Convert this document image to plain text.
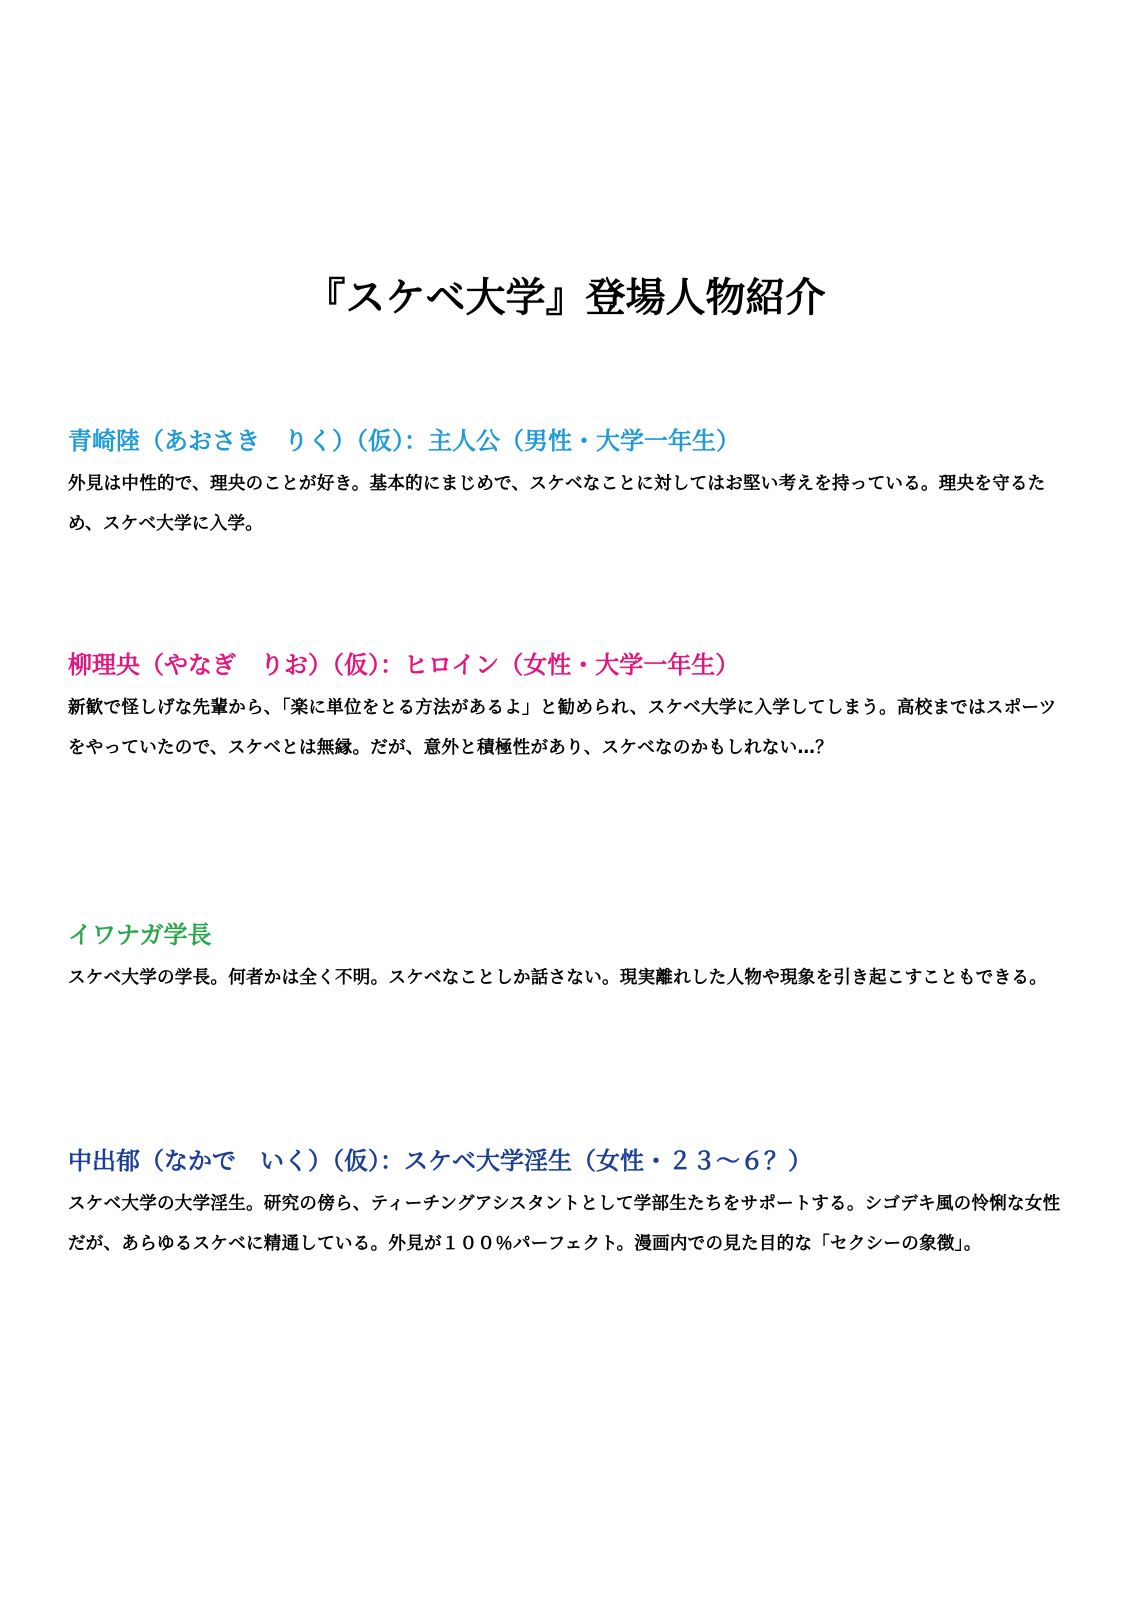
『スケベ大学』登場人物紹介
青崎陸（あおさき　りく）（仮）：主人公（男性・大学一年生）
外見は中性的で、理央のことが好き。基本的にまじめで、スケベなことに対してはお堅い考えを持っている。理央を守るため、スケベ大学に入学。
柳理央（やなぎ　りお）（仮）：ヒロイン（女性・大学一年生）
新歓で怪しげな先輩から、「楽に単位をとる方法があるよ」と勧められ、スケベ大学に入学してしまう。高校まではスポーツをやっていたので、スケベとは無縁。だが、意外と積極性があり、スケベなのかもしれない…？
イワナガ学長
スケベ大学の学長。何者かは全く不明。スケベなことしか話さない。現実離れした人物や現象を引き起こすこともできる。
中出郁（なかで　いく）（仮）：スケベ大学淫生（女性・２３〜６？）
スケベ大学の大学淫生。研究の傍ら、ティーチングアシスタントとして学部生たちをサポートする。シゴデキ風の怜悧な女性だが、あらゆるスケベに精通している。外見が１００％パーフェクト。漫画内での見た目的な「セクシーの象徴」。
